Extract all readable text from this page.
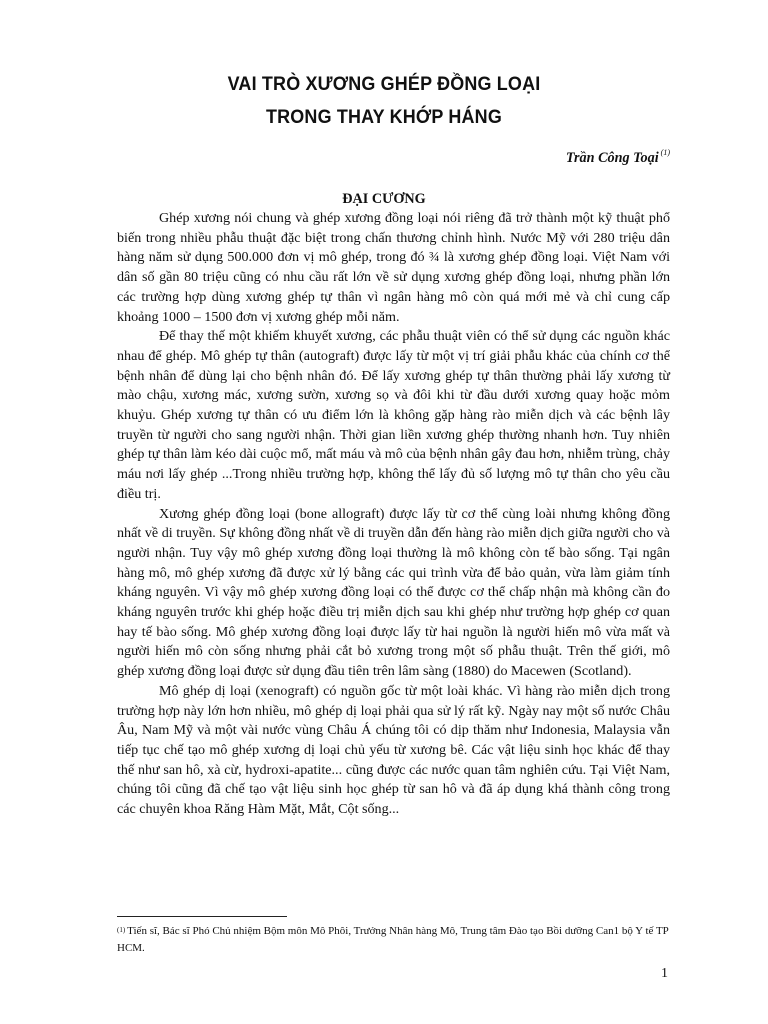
VAI TRÒ XƯƠNG GHÉP ĐỒNG LOẠI
TRONG THAY KHỚP HÁNG
Trần Công Toại $^{(1)}$
ĐẠI CƯƠNG

Ghép xương nói chung và ghép xương đồng loại nói riêng đã trở thành một kỹ thuật phổ biến trong nhiều phẫu thuật đặc biệt trong chấn thương chỉnh hình. Nước Mỹ với 280 triệu dân hàng năm sử dụng 500.000 đơn vị mô ghép, trong đó ¾ là xương ghép đồng loại. Việt Nam với dân số gần 80 triệu cũng có nhu cầu rất lớn về sử dụng xương ghép đồng loại, nhưng phần lớn các trường hợp dùng xương ghép tự thân vì ngân hàng mô còn quá mới mẻ và chỉ cung cấp khoảng 1000 – 1500 đơn vị xương ghép mỗi năm.

Để thay thế một khiếm khuyết xương, các phẫu thuật viên có thể sử dụng các nguồn khác nhau để ghép. Mô ghép tự thân (autograft) được lấy từ một vị trí giải phẫu khác của chính cơ thể bệnh nhân để dùng lại cho bệnh nhân đó. Để lấy xương ghép tự thân thường phải lấy xương từ mào chậu, xương mác, xương sườn, xương sọ và đôi khi từ đầu dưới xương quay hoặc mỏm khuỷu. Ghép xương tự thân có ưu điểm lớn là không gặp hàng rào miễn dịch và các bệnh lây truyền từ người cho sang người nhận. Thời gian liền xương ghép thường nhanh hơn. Tuy nhiên ghép tự thân làm kéo dài cuộc mổ, mất máu và mô của bệnh nhân gây đau hơn, nhiễm trùng, chảy máu nơi lấy ghép ...Trong nhiều trường hợp, không thể lấy đủ số lượng mô tự thân cho yêu cầu điều trị.

Xương ghép đồng loại (bone allograft) được lấy từ cơ thể cùng loài nhưng không đồng nhất về di truyền. Sự không đồng nhất về di truyền dẫn đến hàng rào miễn dịch giữa người cho và người nhận. Tuy vậy mô ghép xương đồng loại thường là mô không còn tế bào sống. Tại ngân hàng mô, mô ghép xương đã được xử lý bằng các qui trình vừa để bảo quản, vừa làm giảm tính kháng nguyên. Vì vậy mô ghép xương đồng loại có thể được cơ thể chấp nhận mà không cần đo kháng nguyên trước khi ghép hoặc điều trị miễn dịch sau khi ghép như trường hợp ghép cơ quan hay tế bào sống. Mô ghép xương đồng loại được lấy từ hai nguồn là người hiến mô vừa mất và người hiến mô còn sống nhưng phải cắt bỏ xương trong một số phẫu thuật. Trên thế giới, mô ghép xương đồng loại được sử dụng đầu tiên trên lâm sàng (1880) do Macewen (Scotland).

Mô ghép dị loại (xenograft) có nguồn gốc từ một loài khác. Vì hàng rào miễn dịch trong trường hợp này lớn hơn nhiều, mô ghép dị loại phải qua sử lý rất kỹ. Ngày nay một số nước Châu Âu, Nam Mỹ và một vài nước vùng Châu Á chúng tôi có dịp thăm như Indonesia, Malaysia vẫn tiếp tục chế tạo mô ghép xương dị loại chủ yếu từ xương bê. Các vật liệu sinh học khác để thay thế như san hô, xà cừ, hydroxi-apatite... cũng được các nước quan tâm nghiên cứu. Tại Việt Nam, chúng tôi cũng đã chế tạo vật liệu sinh học ghép từ san hô và đã áp dụng khá thành công trong các chuyên khoa Răng Hàm Mặt, Mắt, Cột sống...

$^{(1)}$ Tiến sĩ, Bác sĩ Phó Chủ nhiệm Bộm môn Mô Phôi, Trưởng Nhân hàng Mô, Trung tâm Đào tạo Bồi dưỡng Can1 bộ Y tế TP HCM.
1
